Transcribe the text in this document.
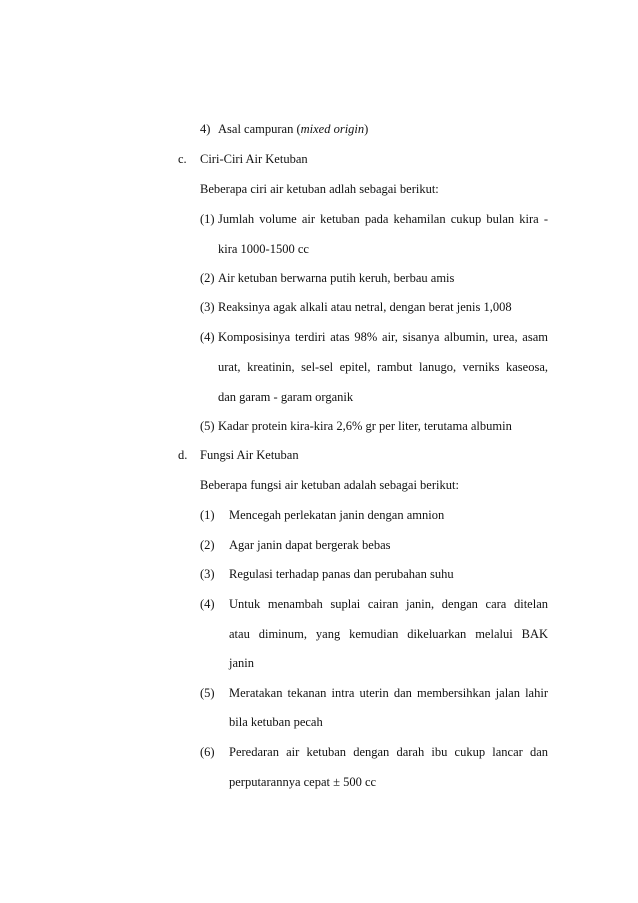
4) Asal campuran (mixed origin)
c. Ciri-Ciri Air Ketuban
Beberapa ciri air ketuban adlah sebagai berikut:
(1) Jumlah volume air ketuban pada kehamilan cukup bulan kira -
kira 1000-1500 cc
(2) Air ketuban berwarna putih keruh, berbau amis
(3) Reaksinya agak alkali atau netral, dengan berat jenis 1,008
(4) Komposisinya terdiri atas 98% air, sisanya albumin, urea, asam
urat, kreatinin, sel-sel epitel, rambut lanugo, verniks kaseosa,
dan garam - garam organik
(5) Kadar protein kira-kira 2,6% gr per liter, terutama albumin
d. Fungsi Air Ketuban
Beberapa fungsi air ketuban adalah sebagai berikut:
(1) Mencegah perlekatan janin dengan amnion
(2) Agar janin dapat bergerak bebas
(3) Regulasi terhadap panas dan perubahan suhu
(4) Untuk menambah suplai cairan janin, dengan cara ditelan
atau diminum, yang kemudian dikeluarkan melalui BAK
janin
(5) Meratakan tekanan intra uterin dan membersihkan jalan lahir
bila ketuban pecah
(6) Peredaran air ketuban dengan darah ibu cukup lancar dan
perputarannya cepat ± 500 cc
